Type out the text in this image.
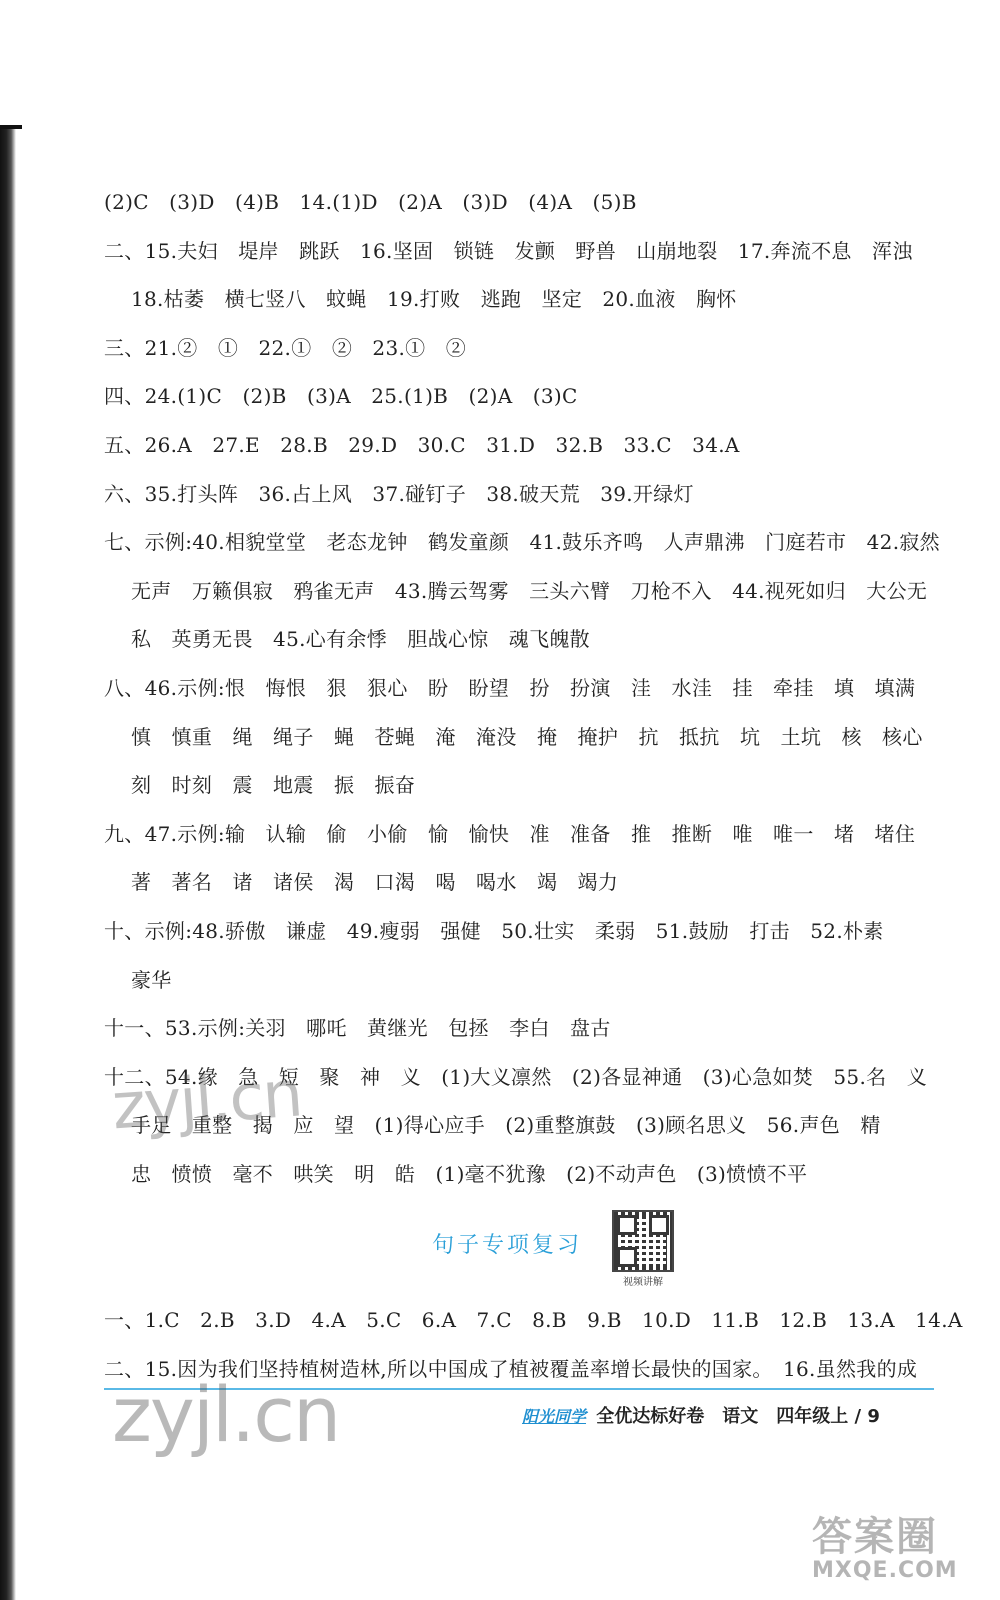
(2)C　(3)D　(4)B　14.(1)D　(2)A　(3)D　(4)A　(5)B
二、15.夫妇　堤岸　跳跃　16.坚固　锁链　发颤　野兽　山崩地裂　17.奔流不息　浑浊
　 18.枯萎　横七竖八　蚊蝇　19.打败　逃跑　坚定　20.血液　胸怀
三、21.②　①　22.①　②　23.①　②
四、24.(1)C　(2)B　(3)A　25.(1)B　(2)A　(3)C
五、26.A　27.E　28.B　29.D　30.C　31.D　32.B　33.C　34.A
六、35.打头阵　36.占上风　37.碰钉子　38.破天荒　39.开绿灯
七、示例:40.相貌堂堂　老态龙钟　鹤发童颜　41.鼓乐齐鸣　人声鼎沸　门庭若市　42.寂然
　 无声　万籁俱寂　鸦雀无声　43.腾云驾雾　三头六臂　刀枪不入　44.视死如归　大公无
　 私　英勇无畏　45.心有余悸　胆战心惊　魂飞魄散
八、46.示例:恨　悔恨　狠　狠心　盼　盼望　扮　扮演　洼　水洼　挂　牵挂　填　填满
　 慎　慎重　绳　绳子　蝇　苍蝇　淹　淹没　掩　掩护　抗　抵抗　坑　土坑　核　核心
　 刻　时刻　震　地震　振　振奋
九、47.示例:输　认输　偷　小偷　愉　愉快　准　准备　推　推断　唯　唯一　堵　堵住
　 著　著名　诸　诸侯　渴　口渴　喝　喝水　竭　竭力
十、示例:48.骄傲　谦虚　49.瘦弱　强健　50.壮实　柔弱　51.鼓励　打击　52.朴素
　 豪华
十一、53.示例:关羽　哪吒　黄继光　包拯　李白　盘古
十二、54.缘　急　短　聚　神　义　(1)大义凛然　(2)各显神通　(3)心急如焚　55.名　义
　 手足　重整　揭　应　望　(1)得心应手　(2)重整旗鼓　(3)顾名思义　56.声色　精
　 忠　愤愤　毫不　哄笑　明　皓　(1)毫不犹豫　(2)不动声色　(3)愤愤不平
zyjl.cn
句子专项复习
视频讲解
一、1.C　2.B　3.D　4.A　5.C　6.A　7.C　8.B　9.B　10.D　11.B　12.B　13.A　14.A
二、15.因为我们坚持植树造林,所以中国成了植被覆盖率增长最快的国家。　16.虽然我的成
阳光同学 全优达标好卷　语文　四年级上 / 9
zyjl.cn
答案圈
MXQE.COM
